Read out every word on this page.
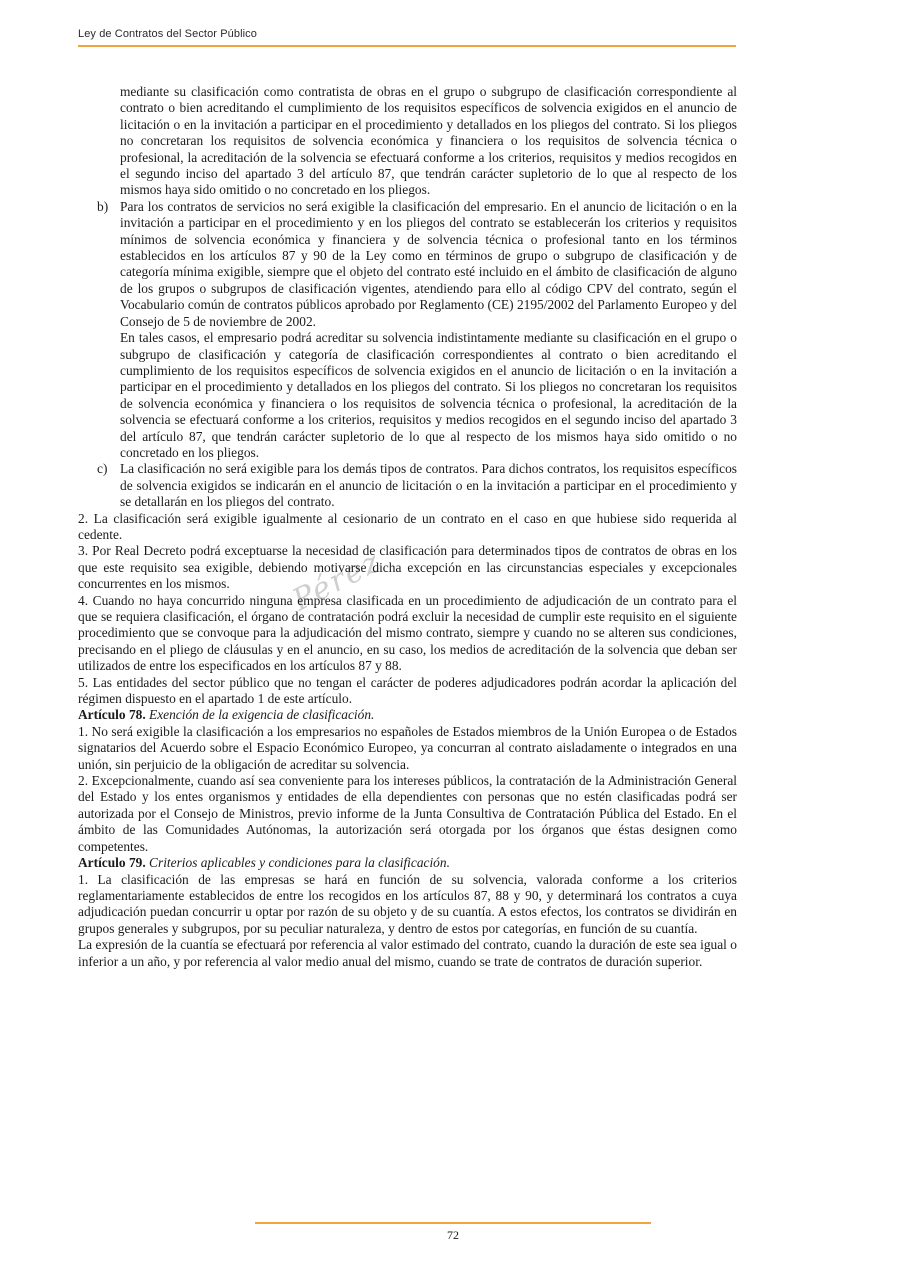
Ley de Contratos del Sector Público
Pérez

mediante su clasificación como contratista de obras en el grupo o subgrupo de clasificación correspondiente al contrato o bien acreditando el cumplimiento de los requisitos específicos de solvencia exigidos en el anuncio de licitación o en la invitación a participar en el procedimiento y detallados en los pliegos del contrato. Si los pliegos no concretaran los requisitos de solvencia económica y financiera o los requisitos de solvencia técnica o profesional, la acreditación de la solvencia se efectuará conforme a los criterios, requisitos y medios recogidos en el segundo inciso del apartado 3 del artículo 87, que tendrán carácter supletorio de lo que al respecto de los mismos haya sido omitido o no concretado en los pliegos.

b) Para los contratos de servicios no será exigible la clasificación del empresario. En el anuncio de licitación o en la invitación a participar en el procedimiento y en los pliegos del contrato se establecerán los criterios y requisitos mínimos de solvencia económica y financiera y de solvencia técnica o profesional tanto en los términos establecidos en los artículos 87 y 90 de la Ley como en términos de grupo o subgrupo de clasificación y de categoría mínima exigible, siempre que el objeto del contrato esté incluido en el ámbito de clasificación de alguno de los grupos o subgrupos de clasificación vigentes, atendiendo para ello al código CPV del contrato, según el Vocabulario común de contratos públicos aprobado por Reglamento (CE) 2195/2002 del Parlamento Europeo y del Consejo de 5 de noviembre de 2002.

En tales casos, el empresario podrá acreditar su solvencia indistintamente mediante su clasificación en el grupo o subgrupo de clasificación y categoría de clasificación correspondientes al contrato o bien acreditando el cumplimiento de los requisitos específicos de solvencia exigidos en el anuncio de licitación o en la invitación a participar en el procedimiento y detallados en los pliegos del contrato. Si los pliegos no concretaran los requisitos de solvencia económica y financiera o los requisitos de solvencia técnica o profesional, la acreditación de la solvencia se efectuará conforme a los criterios, requisitos y medios recogidos en el segundo inciso del apartado 3 del artículo 87, que tendrán carácter supletorio de lo que al respecto de los mismos haya sido omitido o no concretado en los pliegos.

c) La clasificación no será exigible para los demás tipos de contratos. Para dichos contratos, los requisitos específicos de solvencia exigidos se indicarán en el anuncio de licitación o en la invitación a participar en el procedimiento y se detallarán en los pliegos del contrato.

2. La clasificación será exigible igualmente al cesionario de un contrato en el caso en que hubiese sido requerida al cedente.

3. Por Real Decreto podrá exceptuarse la necesidad de clasificación para determinados tipos de contratos de obras en los que este requisito sea exigible, debiendo motivarse dicha excepción en las circunstancias especiales y excepcionales concurrentes en los mismos.

4. Cuando no haya concurrido ninguna empresa clasificada en un procedimiento de adjudicación de un contrato para el que se requiera clasificación, el órgano de contratación podrá excluir la necesidad de cumplir este requisito en el siguiente procedimiento que se convoque para la adjudicación del mismo contrato, siempre y cuando no se alteren sus condiciones, precisando en el pliego de cláusulas y en el anuncio, en su caso, los medios de acreditación de la solvencia que deban ser utilizados de entre los especificados en los artículos 87 y 88.

5. Las entidades del sector público que no tengan el carácter de poderes adjudicadores podrán acordar la aplicación del régimen dispuesto en el apartado 1 de este artículo.

Artículo 78. Exención de la exigencia de clasificación.

1. No será exigible la clasificación a los empresarios no españoles de Estados miembros de la Unión Europea o de Estados signatarios del Acuerdo sobre el Espacio Económico Europeo, ya concurran al contrato aisladamente o integrados en una unión, sin perjuicio de la obligación de acreditar su solvencia.

2. Excepcionalmente, cuando así sea conveniente para los intereses públicos, la contratación de la Administración General del Estado y los entes organismos y entidades de ella dependientes con personas que no estén clasificadas podrá ser autorizada por el Consejo de Ministros, previo informe de la Junta Consultiva de Contratación Pública del Estado. En el ámbito de las Comunidades Autónomas, la autorización será otorgada por los órganos que éstas designen como competentes.

Artículo 79. Criterios aplicables y condiciones para la clasificación.

1. La clasificación de las empresas se hará en función de su solvencia, valorada conforme a los criterios reglamentariamente establecidos de entre los recogidos en los artículos 87, 88 y 90, y determinará los contratos a cuya adjudicación puedan concurrir u optar por razón de su objeto y de su cuantía. A estos efectos, los contratos se dividirán en grupos generales y subgrupos, por su peculiar naturaleza, y dentro de estos por categorías, en función de su cuantía.

La expresión de la cuantía se efectuará por referencia al valor estimado del contrato, cuando la duración de este sea igual o inferior a un año, y por referencia al valor medio anual del mismo, cuando se trate de contratos de duración superior.

72
